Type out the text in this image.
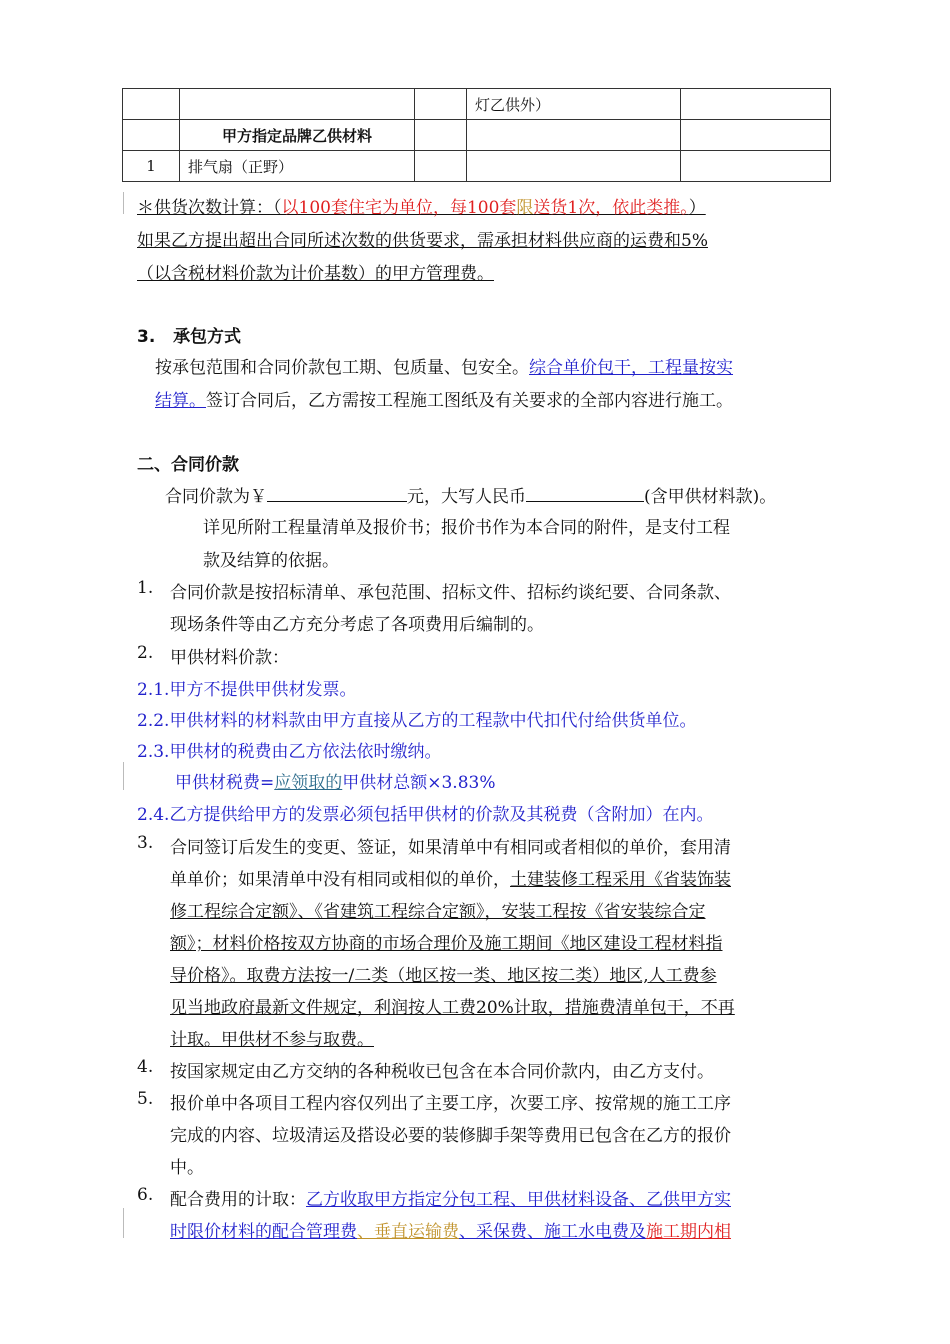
			灯乙供外）	
	甲方指定品牌乙供材料			
1	排气扇（正野）			
＊供货次数计算：（以100套住宅为单位，每100套限送货1次，依此类推。）
如果乙方提出超出合同所述次数的供货要求，需承担材料供应商的运费和5%
（以含税材料价款为计价基数）的甲方管理费。
3. 承包方式
按承包范围和合同价款包工期、包质量、包安全。综合单价包干，工程量按实
结算。签订合同后，乙方需按工程施工图纸及有关要求的全部内容进行施工。
二、合同价款
合同价款为￥	元，大写人民币	(含甲供材料款)。
详见所附工程量清单及报价书；报价书作为本合同的附件，是支付工程
款及结算的依据。
1. 合同价款是按招标清单、承包范围、招标文件、招标约谈纪要、合同条款、
现场条件等由乙方充分考虑了各项费用后编制的。
2. 甲供材料价款：
2.1.甲方不提供甲供材发票。
2.2.甲供材料的材料款由甲方直接从乙方的工程款中代扣代付给供货单位。
2.3.甲供材的税费由乙方依法依时缴纳。
甲供材税费=应领取的甲供材总额×3.83%
2.4.乙方提供给甲方的发票必须包括甲供材的价款及其税费（含附加）在内。
3. 合同签订后发生的变更、签证，如果清单中有相同或者相似的单价，套用清
单单价；如果清单中没有相同或相似的单价，土建装修工程采用《省装饰装
修工程综合定额》、《省建筑工程综合定额》，安装工程按《省安装综合定
额》；材料价格按双方协商的市场合理价及施工期间《地区建设工程材料指
导价格》。取费方法按一/二类（地区按一类、地区按二类）地区,人工费参
见当地政府最新文件规定，利润按人工费20%计取，措施费清单包干，不再
计取。甲供材不参与取费。
4. 按国家规定由乙方交纳的各种税收已包含在本合同价款内，由乙方支付。
5. 报价单中各项目工程内容仅列出了主要工序，次要工序、按常规的施工工序
完成的内容、垃圾清运及搭设必要的装修脚手架等费用已包含在乙方的报价
中。
6. 配合费用的计取：乙方收取甲方指定分包工程、甲供材料设备、乙供甲方实
时限价材料的配合管理费、垂直运输费、采保费、施工水电费及施工期内相
